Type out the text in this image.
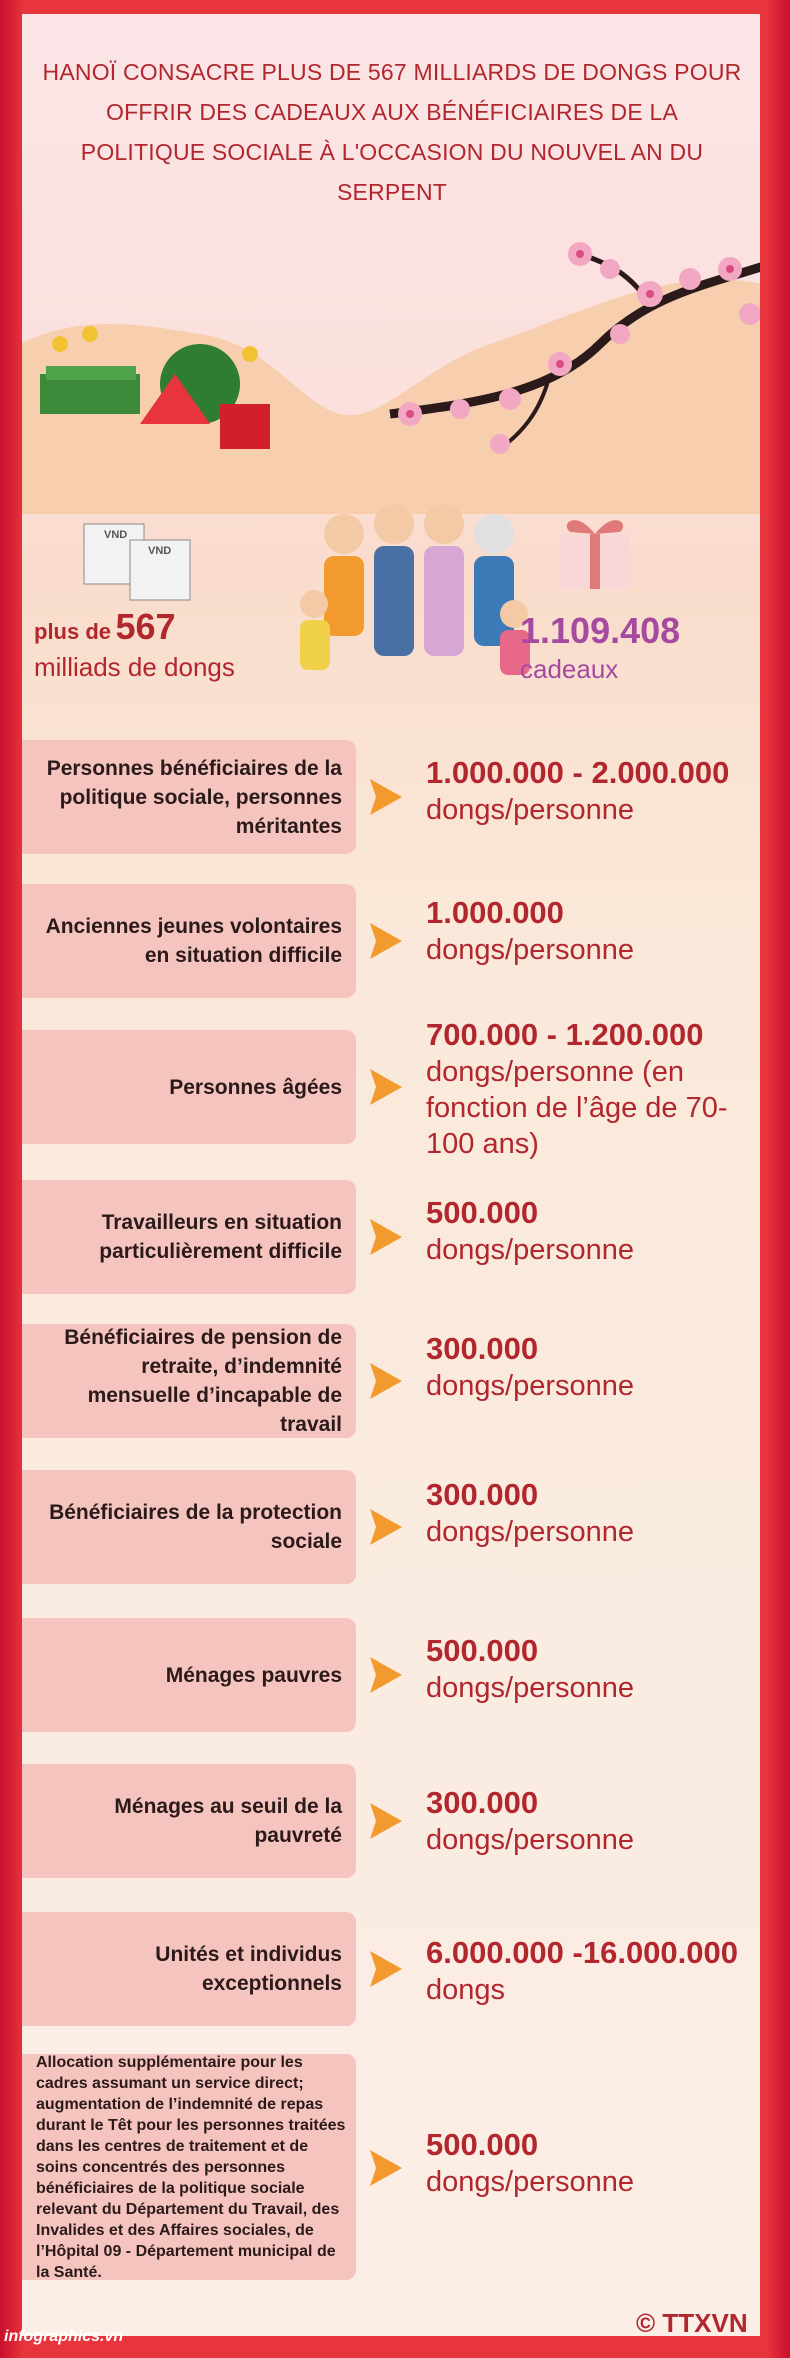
HANOÏ CONSACRE PLUS DE 567 MILLIARDS DE DONGS POUR OFFRIR DES CADEAUX AUX BÉNÉFICIAIRES DE LA POLITIQUE SOCIALE À L'OCCASION DU NOUVEL AN DU SERPENT
VND
VND
plus de 567
milliads de dongs
1.109.408
cadeaux
Personnes bénéficiaires de la politique sociale, personnes méritantes
1.000.000 - 2.000.000
dongs/personne
Anciennes jeunes volontaires en situation difficile
1.000.000
dongs/personne
Personnes âgées
700.000 - 1.200.000
dongs/personne (en fonction de l’âge de 70-100 ans)
Travailleurs en situation particulièrement difficile
500.000
dongs/personne
Bénéficiaires de pension de retraite, d’indemnité mensuelle d’incapable de travail
300.000
dongs/personne
Bénéficiaires de la protection sociale
300.000
dongs/personne
Ménages pauvres
500.000
dongs/personne
Ménages au seuil de la pauvreté
300.000
dongs/personne
Unités et individus exceptionnels
6.000.000 -16.000.000
dongs
Allocation supplémentaire pour les cadres assumant un service direct; augmentation de l’indemnité de repas durant le Têt pour les personnes traitées dans les centres de traitement et de soins concentrés des personnes bénéficiaires de la politique sociale relevant du Département du Travail, des Invalides et des Affaires sociales, de l’Hôpital 09 - Département municipal de la Santé.
500.000
dongs/personne
infographics.vn	© TTXVN
